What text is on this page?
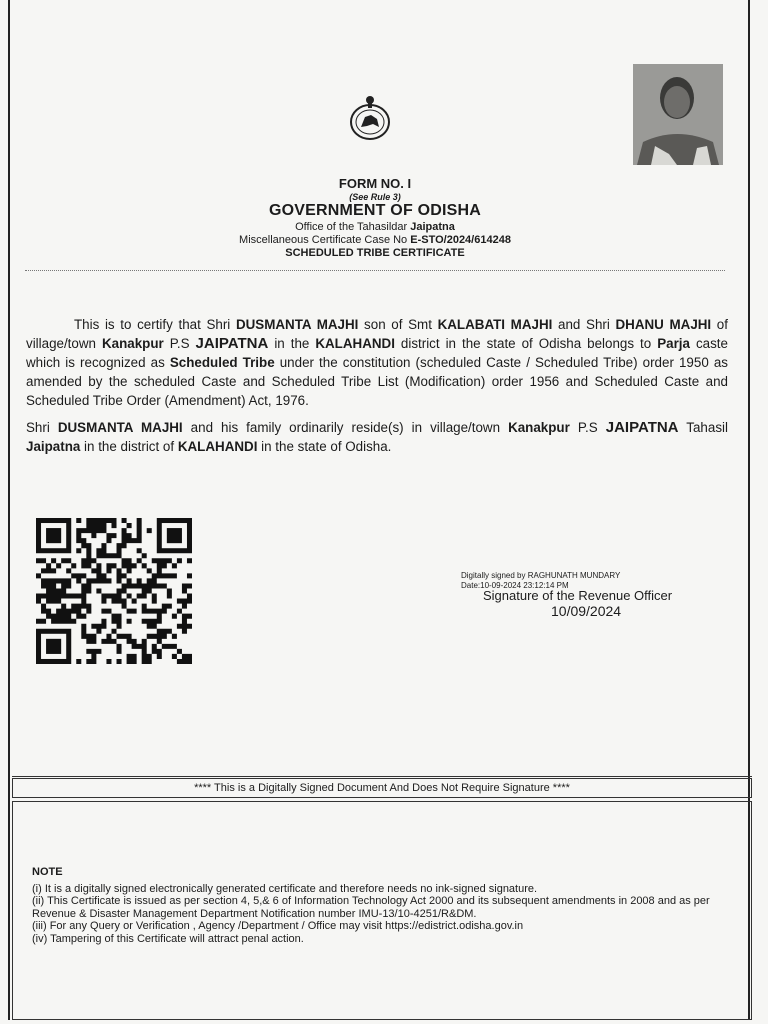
FORM NO. I
(See Rule 3)
GOVERNMENT OF ODISHA
Office of the Tahasildar Jaipatna
Miscellaneous Certificate Case No E-STO/2024/614248
SCHEDULED TRIBE CERTIFICATE
This is to certify that Shri DUSMANTA MAJHI son of Smt KALABATI MAJHI and Shri DHANU MAJHI of village/town Kanakpur P.S JAIPATNA in the KALAHANDI district in the state of Odisha belongs to Parja caste which is recognized as Scheduled Tribe under the constitution (scheduled Caste / Scheduled Tribe) order 1950 as amended by the scheduled Caste and Scheduled Tribe List (Modification) order 1956 and Scheduled Caste and Scheduled Tribe Order (Amendment) Act, 1976.
Shri DUSMANTA MAJHI and his family ordinarily reside(s) in village/town Kanakpur P.S JAIPATNA Tahasil Jaipatna in the district of KALAHANDI in the state of Odisha.
Digitally signed by RAGHUNATH MUNDARY
Date:10-09-2024 23:12:14 PM
Signature of the Revenue Officer
10/09/2024
**** This is a Digitally Signed Document And Does Not Require Signature ****
NOTE
(i) It is a digitally signed electronically generated certificate and therefore needs no ink-signed signature.
(ii) This Certificate is issued as per section 4, 5,& 6 of Information Technology Act 2000 and its subsequent amendments in 2008 and as per Revenue & Disaster Management Department Notification number IMU-13/10-4251/R&DM.
(iii) For any Query or Verification , Agency /Department / Office may visit https://edistrict.odisha.gov.in
(iv) Tampering of this Certificate will attract penal action.
